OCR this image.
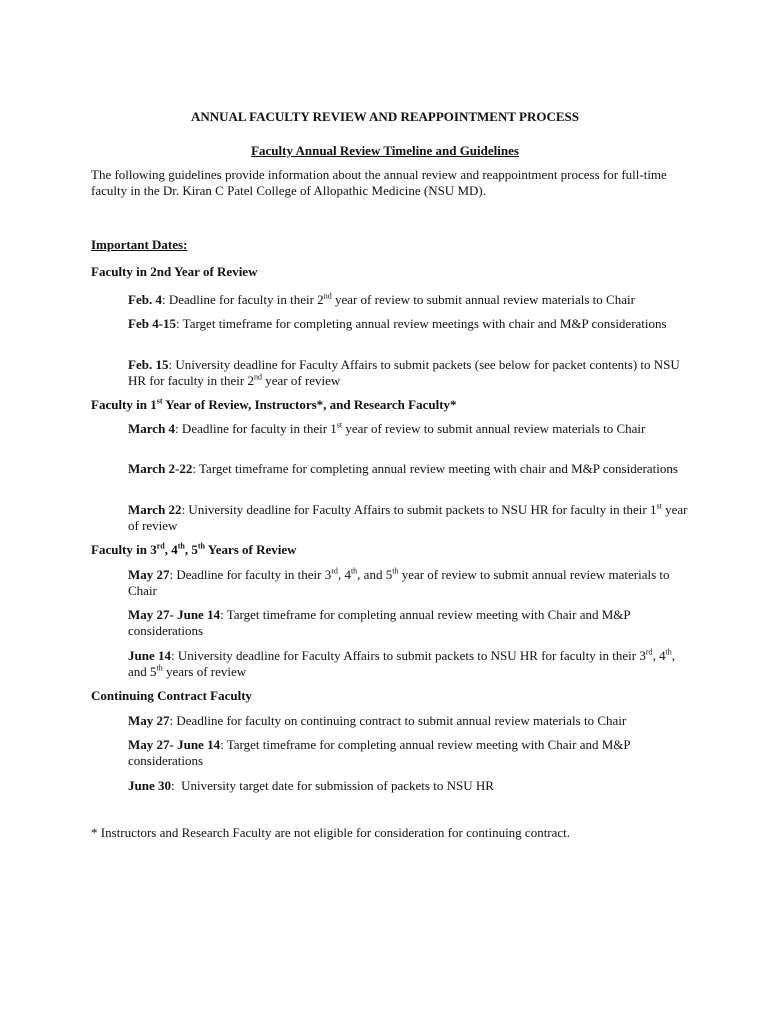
ANNUAL FACULTY REVIEW AND REAPPOINTMENT PROCESS
Faculty Annual Review Timeline and Guidelines
The following guidelines provide information about the annual review and reappointment process for full-time faculty in the Dr. Kiran C Patel College of Allopathic Medicine (NSU MD).
Important Dates:
Faculty in 2nd Year of Review
Feb. 4: Deadline for faculty in their 2nd year of review to submit annual review materials to Chair
Feb 4-15: Target timeframe for completing annual review meetings with chair and M&P considerations
Feb. 15: University deadline for Faculty Affairs to submit packets (see below for packet contents) to NSU HR for faculty in their 2nd year of review
Faculty in 1st Year of Review, Instructors*, and Research Faculty*
March 4: Deadline for faculty in their 1st year of review to submit annual review materials to Chair
March 2-22: Target timeframe for completing annual review meeting with chair and M&P considerations
March 22: University deadline for Faculty Affairs to submit packets to NSU HR for faculty in their 1st year of review
Faculty in 3rd, 4th, 5th Years of Review
May 27: Deadline for faculty in their 3rd, 4th, and 5th year of review to submit annual review materials to Chair
May 27- June 14: Target timeframe for completing annual review meeting with Chair and M&P considerations
June 14: University deadline for Faculty Affairs to submit packets to NSU HR for faculty in their 3rd, 4th, and 5th years of review
Continuing Contract Faculty
May 27: Deadline for faculty on continuing contract to submit annual review materials to Chair
May 27- June 14: Target timeframe for completing annual review meeting with Chair and M&P considerations
June 30:  University target date for submission of packets to NSU HR
* Instructors and Research Faculty are not eligible for consideration for continuing contract.
